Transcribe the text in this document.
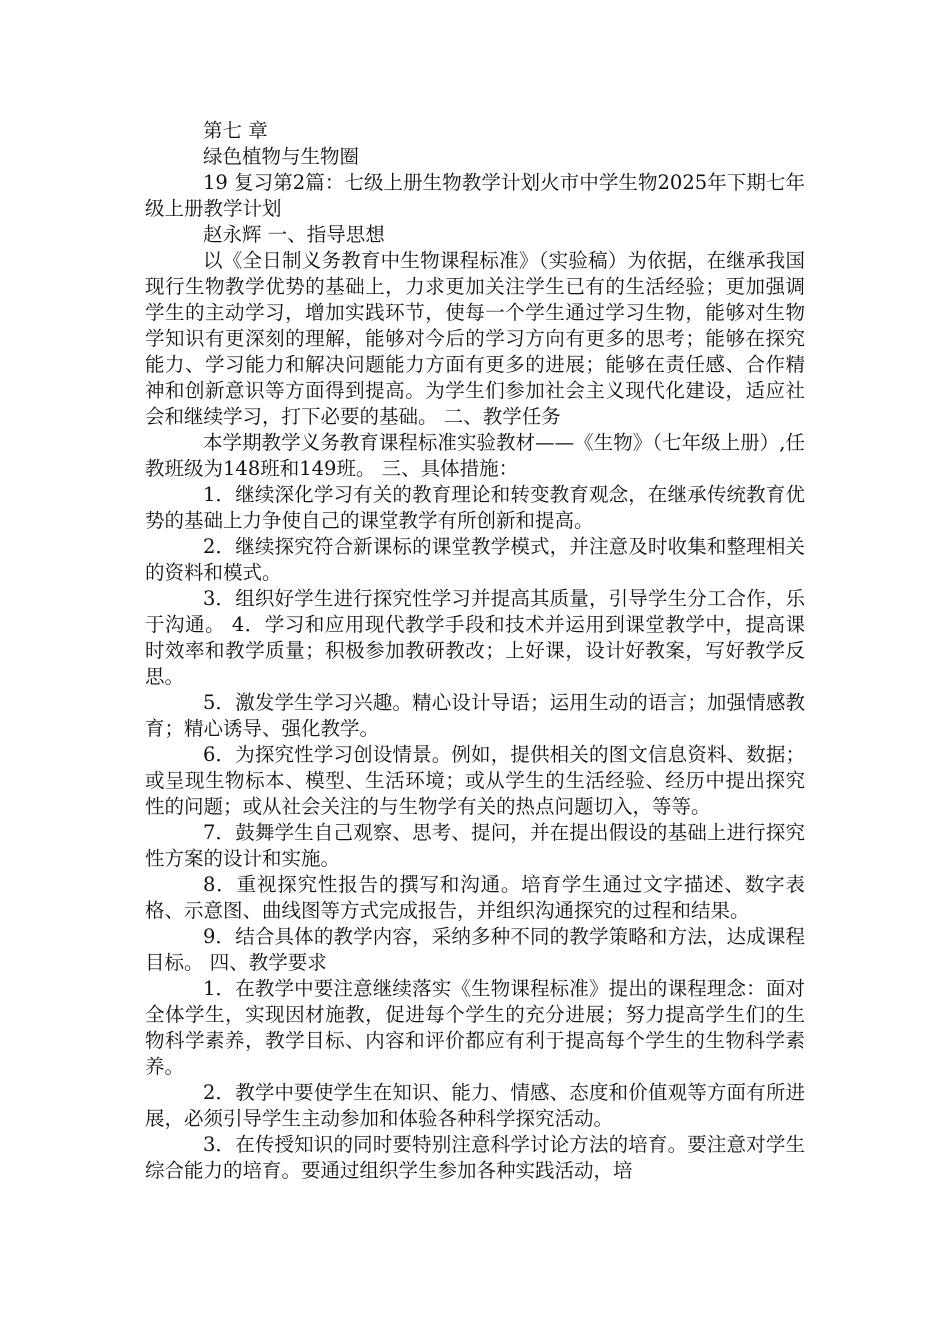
第七 章

绿色植物与生物圈

19 复习第2篇：七级上册生物教学计划火市中学生物2025年下期七年级上册教学计划

赵永辉 一、指导思想

以《全日制义务教育中生物课程标准》（实验稿）为依据，在继承我国现行生物教学优势的基础上，力求更加关注学生已有的生活经验；更加强调学生的主动学习，增加实践环节，使每一个学生通过学习生物，能够对生物学知识有更深刻的理解，能够对今后的学习方向有更多的思考；能够在探究能力、学习能力和解决问题能力方面有更多的进展；能够在责任感、合作精神和创新意识等方面得到提高。为学生们参加社会主义现代化建设，适应社会和继续学习，打下必要的基础。 二、教学任务

本学期教学义务教育课程标准实验教材——《生物》（七年级上册）,任教班级为148班和149班。 三、具体措施：

1．继续深化学习有关的教育理论和转变教育观念，在继承传统教育优势的基础上力争使自己的课堂教学有所创新和提高。

2．继续探究符合新课标的课堂教学模式，并注意及时收集和整理相关的资料和模式。

3．组织好学生进行探究性学习并提高其质量，引导学生分工合作，乐于沟通。 4．学习和应用现代教学手段和技术并运用到课堂教学中，提高课时效率和教学质量；积极参加教研教改；上好课，设计好教案，写好教学反思。

5．激发学生学习兴趣。精心设计导语；运用生动的语言；加强情感教育；精心诱导、强化教学。

6．为探究性学习创设情景。例如，提供相关的图文信息资料、数据；或呈现生物标本、模型、生活环境；或从学生的生活经验、经历中提出探究性的问题；或从社会关注的与生物学有关的热点问题切入，等等。

7．鼓舞学生自己观察、思考、提问，并在提出假设的基础上进行探究性方案的设计和实施。

8．重视探究性报告的撰写和沟通。培育学生通过文字描述、数字表格、示意图、曲线图等方式完成报告，并组织沟通探究的过程和结果。

9．结合具体的教学内容，采纳多种不同的教学策略和方法，达成课程目标。 四、教学要求

1．在教学中要注意继续落实《生物课程标准》提出的课程理念：面对全体学生，实现因材施教，促进每个学生的充分进展；努力提高学生们的生物科学素养，教学目标、内容和评价都应有利于提高每个学生的生物科学素养。

2．教学中要使学生在知识、能力、情感、态度和价值观等方面有所进展，必须引导学生主动参加和体验各种科学探究活动。

3．在传授知识的同时要特别注意科学讨论方法的培育。要注意对学生综合能力的培育。要通过组织学生参加各种实践活动，培
